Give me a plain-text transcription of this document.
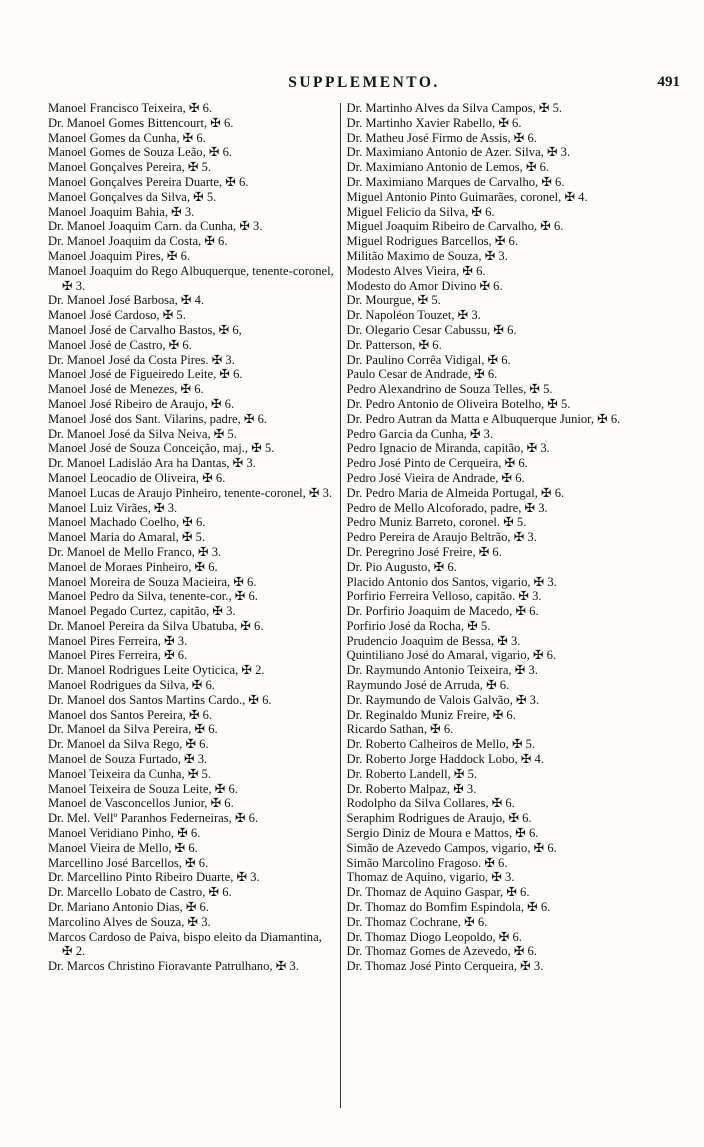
SUPPLEMENTO.	491
Manoel Francisco Teixeira, ✠ 6.
Dr. Manoel Gomes Bittencourt, ✠ 6.
Manoel Gomes da Cunha, ✠ 6.
Manoel Gomes de Souza Leão, ✠ 6.
Manoel Gonçalves Pereira, ✠ 5.
Manoel Gonçalves Pereira Duarte, ✠ 6.
Manoel Gonçalves da Silva, ✠ 5.
Manoel Joaquim Bahia, ✠ 3.
Dr. Manoel Joaquim Carn. da Cunha, ✠ 3.
Dr. Manoel Joaquim da Costa, ✠ 6.
Manoel Joaquim Pires, ✠ 6.
Manoel Joaquim do Rego Albuquerque, tenente-coronel, ✠ 3.
Dr. Manoel José Barbosa, ✠ 4.
Manoel José Cardoso, ✠ 5.
Manoel José de Carvalho Bastos, ✠ 6,
Manoel José de Castro, ✠ 6.
Dr. Manoel José da Costa Pires. ✠ 3.
Manoel José de Figueiredo Leite, ✠ 6.
Manoel José de Menezes, ✠ 6.
Manoel José Ribeiro de Araujo, ✠ 6.
Manoel José dos Sant. Vilarins, padre, ✠ 6.
Dr. Manoel José da Silva Neiva, ✠ 5.
Manoel José de Souza Conceição, maj., ✠ 5.
Dr. Manoel Ladisláo Ara ha Dantas, ✠ 3.
Manoel Leocadio de Oliveira, ✠ 6.
Manoel Lucas de Araujo Pinheiro, tenente-coronel, ✠ 3.
Manoel Luiz Virães, ✠ 3.
Manoel Machado Coelho, ✠ 6.
Manoel Maria do Amaral, ✠ 5.
Dr. Manoel de Mello Franco, ✠ 3.
Manoel de Moraes Pinheiro, ✠ 6.
Manoel Moreira de Souza Macieira, ✠ 6.
Manoel Pedro da Silva, tenente-cor., ✠ 6.
Manoel Pegado Curtez, capitão, ✠ 3.
Dr. Manoel Pereira da Silva Ubatuba, ✠ 6.
Manoel Pires Ferreira, ✠ 3.
Manoel Pires Ferreira, ✠ 6.
Dr. Manoel Rodrigues Leite Oyticica, ✠ 2.
Manoel Rodrigues da Silva, ✠ 6.
Dr. Manoel dos Santos Martins Cardo., ✠ 6.
Manoel dos Santos Pereira, ✠ 6.
Dr. Manoel da Silva Pereira, ✠ 6.
Dr. Manoel da Silva Rego, ✠ 6.
Manoel de Souza Furtado, ✠ 3.
Manoel Teixeira da Cunha, ✠ 5.
Manoel Teixeira de Souza Leite, ✠ 6.
Manoel de Vasconcellos Junior, ✠ 6.
Dr. Mel. Vellº Paranhos Federneiras, ✠ 6.
Manoel Veridiano Pinho, ✠ 6.
Manoel Vieira de Mello, ✠ 6.
Marcellino José Barcellos, ✠ 6.
Dr. Marcellino Pinto Ribeiro Duarte, ✠ 3.
Dr. Marcello Lobato de Castro, ✠ 6.
Dr. Mariano Antonio Dias, ✠ 6.
Marcolino Alves de Souza, ✠ 3.
Marcos Cardoso de Paiva, bispo eleito da Diamantina, ✠ 2.
Dr. Marcos Christino Fioravante Patrulhano, ✠ 3.
Dr. Martinho Alves da Silva Campos, ✠ 5.
Dr. Martinho Xavier Rabello, ✠ 6.
Dr. Matheu José Firmo de Assis, ✠ 6.
Dr. Maximiano Antonio de Azer. Silva, ✠ 3.
Dr. Maximiano Antonio de Lemos, ✠ 6.
Dr. Maximiano Marques de Carvalho, ✠ 6.
Miguel Antonio Pinto Guimarães, coronel, ✠ 4.
Miguel Felicio da Silva, ✠ 6.
Miguel Joaquim Ribeiro de Carvalho, ✠ 6.
Miguel Rodrigues Barcellos, ✠ 6.
Militão Maximo de Souza, ✠ 3.
Modesto Alves Vieira, ✠ 6.
Modesto do Amor Divino ✠ 6.
Dr. Mourgue, ✠ 5.
Dr. Napoléon Touzet, ✠ 3.
Dr. Olegario Cesar Cabussu, ✠ 6.
Dr. Patterson, ✠ 6.
Dr. Paulino Corrêa Vidigal, ✠ 6.
Paulo Cesar de Andrade, ✠ 6.
Pedro Alexandrino de Souza Telles, ✠ 5.
Dr. Pedro Antonio de Oliveira Botelho, ✠ 5.
Dr. Pedro Autran da Matta e Albuquerque Junior, ✠ 6.
Pedro Garcia da Cunha, ✠ 3.
Pedro Ignacio de Miranda, capitão, ✠ 3.
Pedro José Pinto de Cerqueira, ✠ 6.
Pedro José Vieira de Andrade, ✠ 6.
Dr. Pedro Maria de Almeida Portugal, ✠ 6.
Pedro de Mello Alcoforado, padre, ✠ 3.
Pedro Muniz Barreto, coronel. ✠ 5.
Pedro Pereira de Araujo Beltrão, ✠ 3.
Dr. Peregrino José Freire, ✠ 6.
Dr. Pio Augusto, ✠ 6.
Placido Antonio dos Santos, vigario, ✠ 3.
Porfirio Ferreira Velloso, capitão. ✠ 3.
Dr. Porfirio Joaquim de Macedo, ✠ 6.
Porfirio José da Rocha, ✠ 5.
Prudencio Joaquim de Bessa, ✠ 3.
Quintiliano José do Amaral, vigario, ✠ 6.
Dr. Raymundo Antonio Teixeira, ✠ 3.
Raymundo José de Arruda, ✠ 6.
Dr. Raymundo de Valois Galvão, ✠ 3.
Dr. Reginaldo Muniz Freire, ✠ 6.
Ricardo Sathan, ✠ 6.
Dr. Roberto Calheiros de Mello, ✠ 5.
Dr. Roberto Jorge Haddock Lobo, ✠ 4.
Dr. Roberto Landell, ✠ 5.
Dr. Roberto Malpaz, ✠ 3.
Rodolpho da Silva Collares, ✠ 6.
Seraphim Rodrigues de Araujo, ✠ 6.
Sergio Diniz de Moura e Mattos, ✠ 6.
Simão de Azevedo Campos, vigario, ✠ 6.
Simão Marcolino Fragoso. ✠ 6.
Thomaz de Aquino, vigario, ✠ 3.
Dr. Thomaz de Aquino Gaspar, ✠ 6.
Dr. Thomaz do Bomfim Espindola, ✠ 6.
Dr. Thomaz Cochrane, ✠ 6.
Dr. Thomaz Diogo Leopoldo, ✠ 6.
Dr. Thomaz Gomes de Azevedo, ✠ 6.
Dr. Thomaz José Pinto Cerqueira, ✠ 3.
